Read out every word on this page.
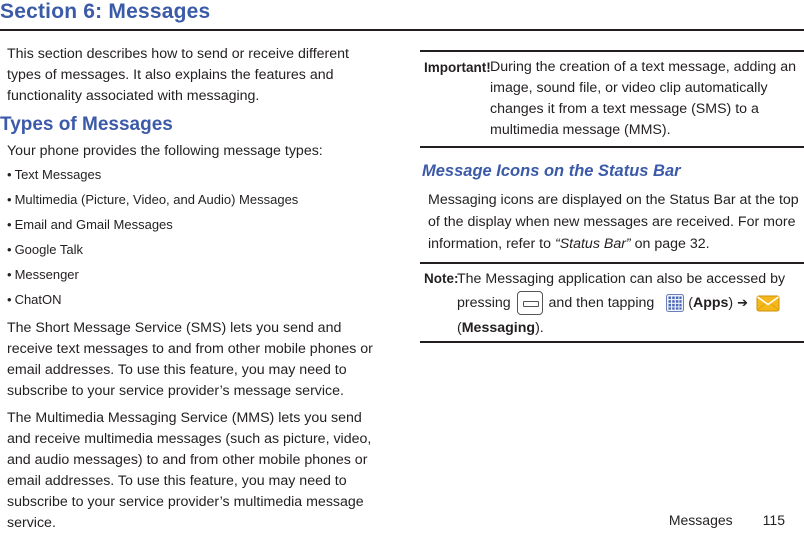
Section 6: Messages

This section describes how to send or receive different types of messages. It also explains the features and functionality associated with messaging.

Types of Messages

Your phone provides the following message types:

• Text Messages
• Multimedia (Picture, Video, and Audio) Messages
• Email and Gmail Messages
• Google Talk
• Messenger
• ChatON

The Short Message Service (SMS) lets you send and receive text messages to and from other mobile phones or email addresses. To use this feature, you may need to subscribe to your service provider’s message service.

The Multimedia Messaging Service (MMS) lets you send and receive multimedia messages (such as picture, video, and audio messages) to and from other mobile phones or email addresses. To use this feature, you may need to subscribe to your service provider’s multimedia message service.

Important! During the creation of a text message, adding an image, sound file, or video clip automatically changes it from a text message (SMS) to a multimedia message (MMS).
Message Icons on the Status Bar

Messaging icons are displayed on the Status Bar at the top of the display when new messages are received. For more information, refer to “Status Bar” on page 32.

Note:
The Messaging application can also be accessed by pressing	and then tapping (Apps) ➔
(Messaging).
Messages 115
